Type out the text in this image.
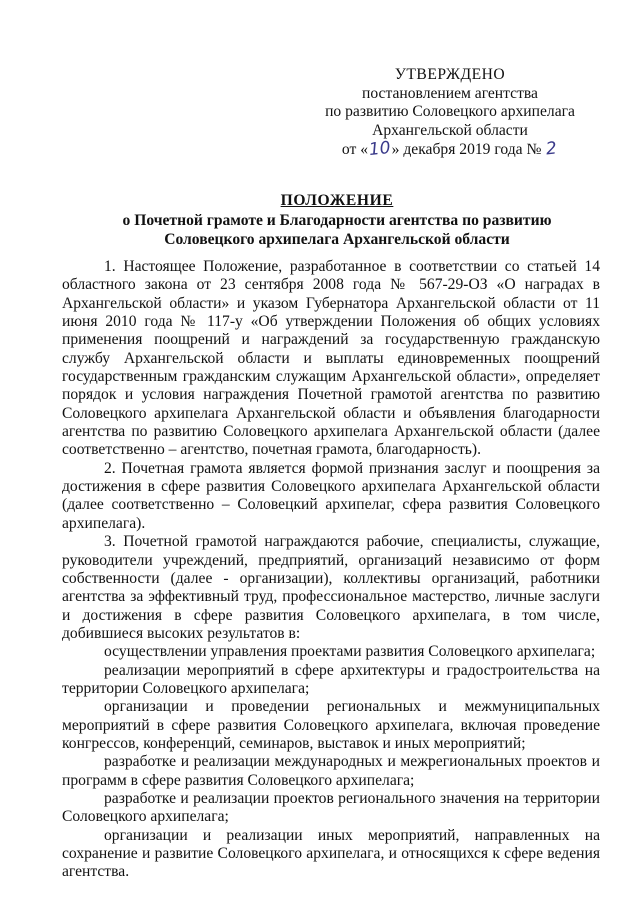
УТВЕРЖДЕНО
постановлением агентства
по развитию Соловецкого архипелага
Архангельской области
от «10» декабря 2019 года № 2
ПОЛОЖЕНИЕ
о Почетной грамоте и Благодарности агентства по развитию
Соловецкого архипелага Архангельской области

1. Настоящее Положение, разработанное в соответствии со статьей 14 областного закона от 23 сентября 2008 года № 567-29-ОЗ «О наградах в Архангельской области» и указом Губернатора Архангельской области от 11 июня 2010 года № 117-у «Об утверждении Положения об общих условиях применения поощрений и награждений за государственную гражданскую службу Архангельской области и выплаты единовременных поощрений государственным гражданским служащим Архангельской области», определяет порядок и условия награждения Почетной грамотой агентства по развитию Соловецкого архипелага Архангельской области и объявления благодарности агентства по развитию Соловецкого архипелага Архангельской области (далее соответственно – агентство, почетная грамота, благодарность).

2. Почетная грамота является формой признания заслуг и поощрения за достижения в сфере развития Соловецкого архипелага Архангельской области (далее соответственно – Соловецкий архипелаг, сфера развития Соловецкого архипелага).

3. Почетной грамотой награждаются рабочие, специалисты, служащие, руководители учреждений, предприятий, организаций независимо от форм собственности (далее - организации), коллективы организаций, работники агентства за эффективный труд, профессиональное мастерство, личные заслуги и достижения в сфере развития Соловецкого архипелага, в том числе, добившиеся высоких результатов в:

осуществлении управления проектами развития Соловецкого архипелага;

реализации мероприятий в сфере архитектуры и градостроительства на территории Соловецкого архипелага;

организации и проведении региональных и межмуниципальных мероприятий в сфере развития Соловецкого архипелага, включая проведение конгрессов, конференций, семинаров, выставок и иных мероприятий;

разработке и реализации международных и межрегиональных проектов и программ в сфере развития Соловецкого архипелага;

разработке и реализации проектов регионального значения на территории Соловецкого архипелага;

организации и реализации иных мероприятий, направленных на сохранение и развитие Соловецкого архипелага, и относящихся к сфере ведения агентства.
